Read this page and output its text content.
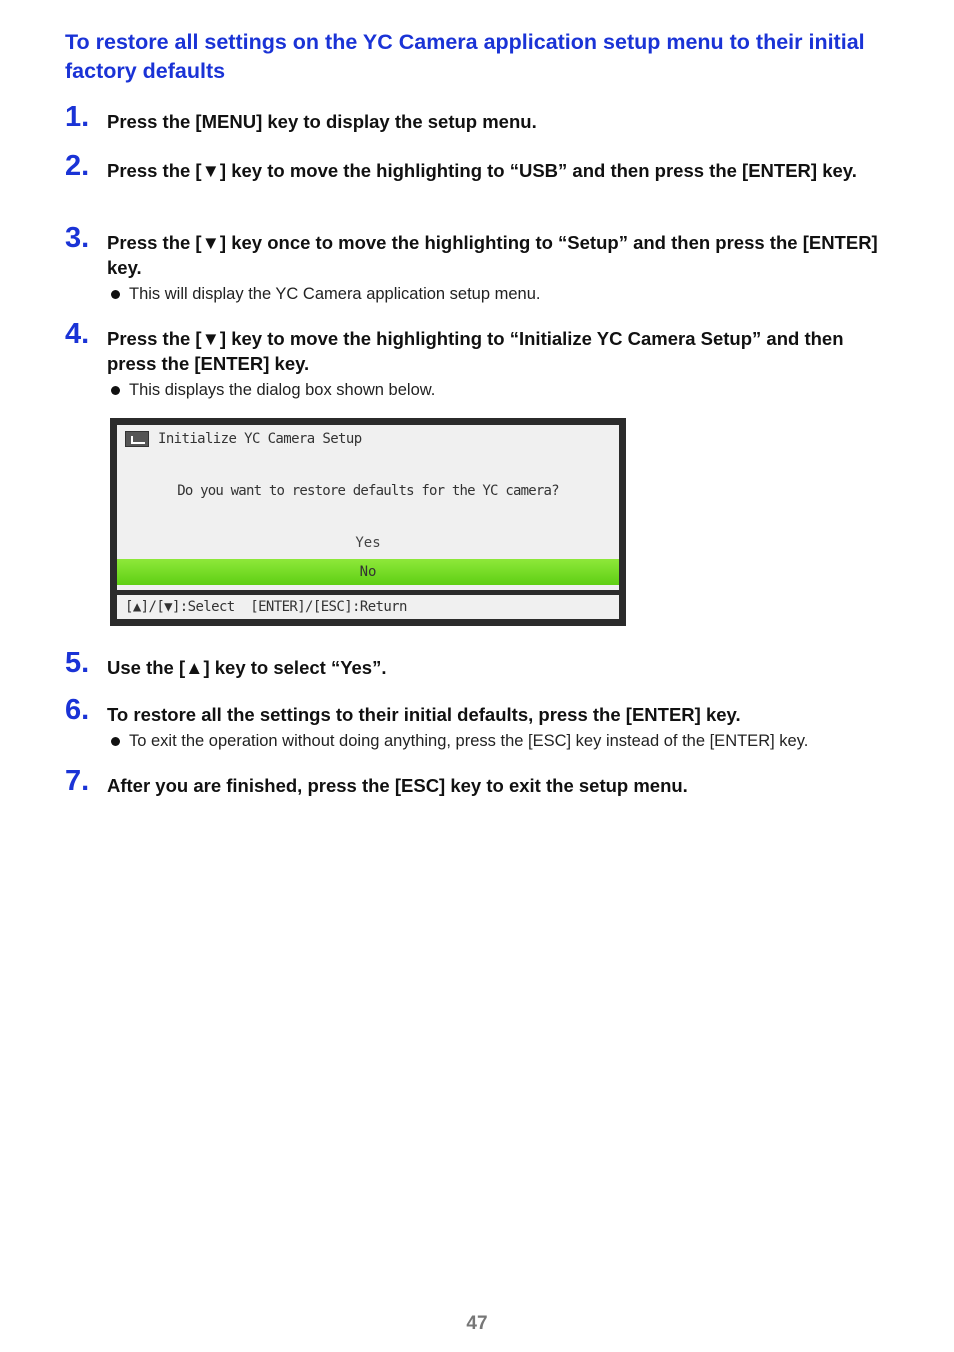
To restore all settings on the YC Camera application setup menu to their initial factory defaults
1. Press the [MENU] key to display the setup menu.
2. Press the [▼] key to move the highlighting to “USB” and then press the [ENTER] key.
3. Press the [▼] key once to move the highlighting to “Setup” and then press the [ENTER] key.
This will display the YC Camera application setup menu.
4. Press the [▼] key to move the highlighting to “Initialize YC Camera Setup” and then press the [ENTER] key.
This displays the dialog box shown below.
Initialize YC Camera Setup
Do you want to restore defaults for the YC camera?
Yes
No
[▲]/[▼]:Select  [ENTER]/[ESC]:Return
5. Use the [▲] key to select “Yes”.
6. To restore all the settings to their initial defaults, press the [ENTER] key.
To exit the operation without doing anything, press the [ESC] key instead of the [ENTER] key.
7. After you are finished, press the [ESC] key to exit the setup menu.
47
